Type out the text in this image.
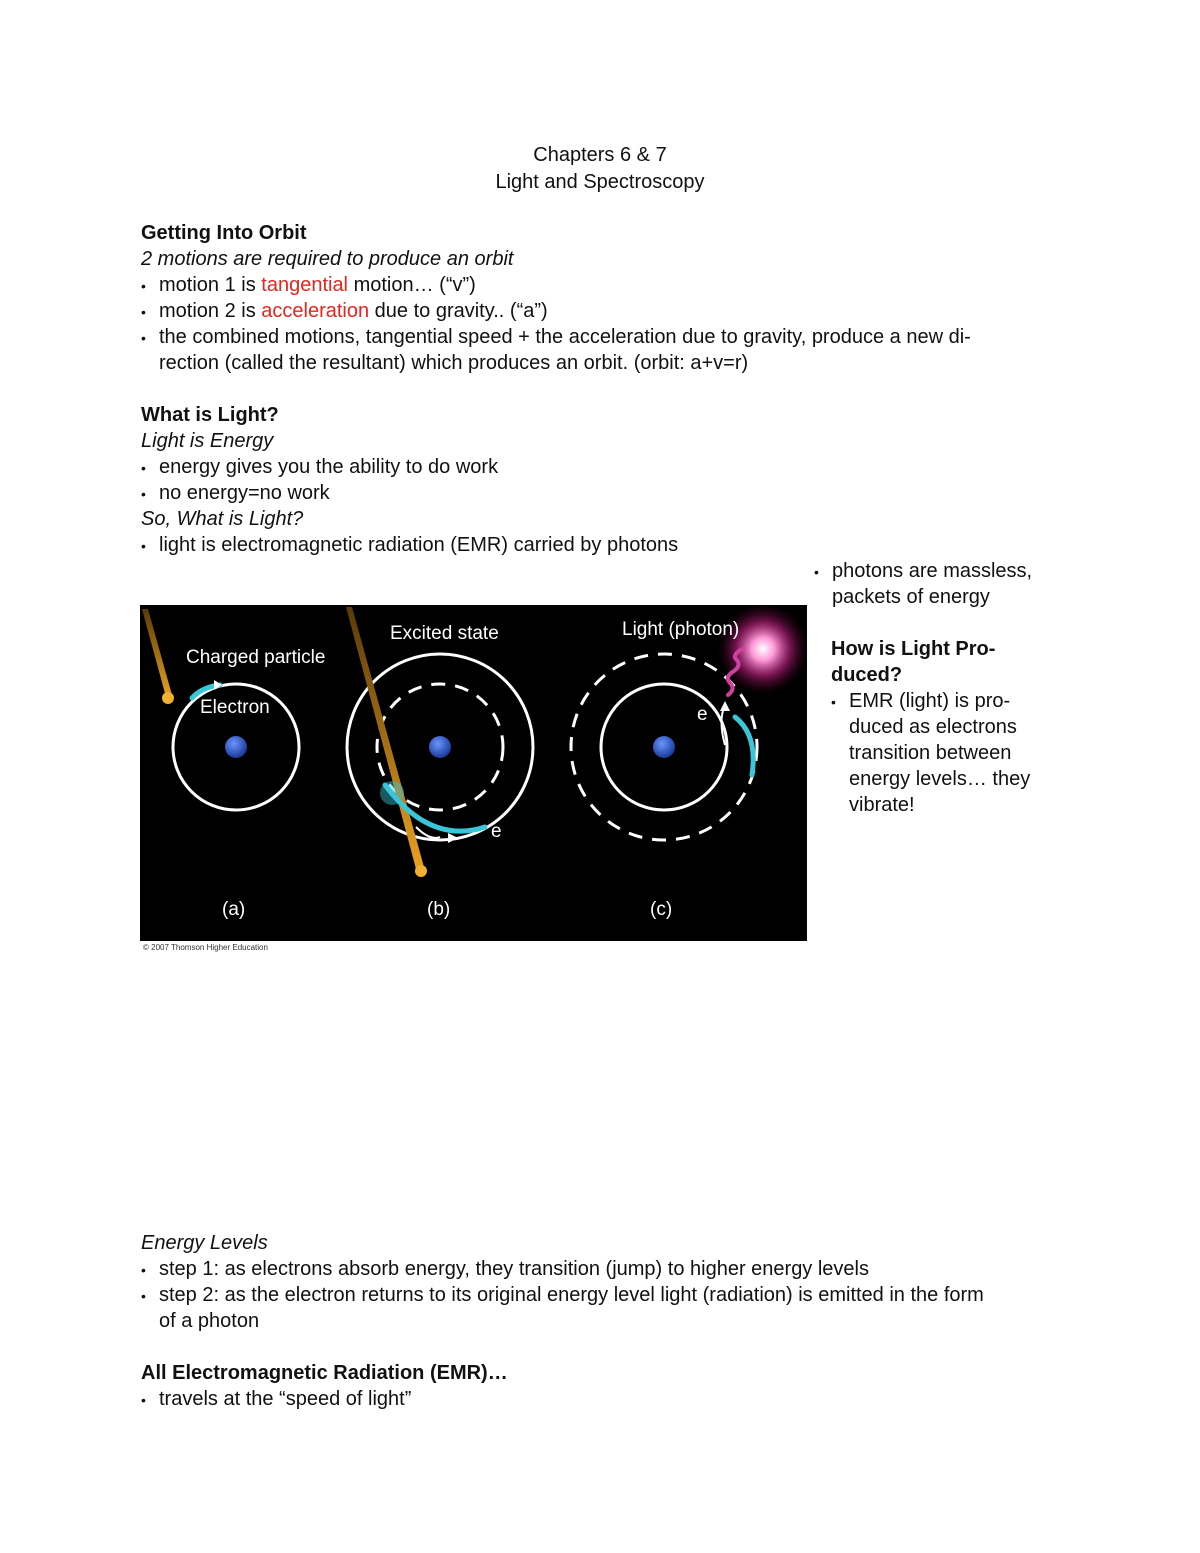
Chapters 6 & 7
Light and Spectroscopy
Getting Into Orbit
2 motions are required to produce an orbit
• motion 1 is tangential motion… (“v”)
• motion 2 is acceleration due to gravity.. (“a”)
• the combined motions, tangential speed + the acceleration due to gravity, produce a new di-
rection (called the resultant) which produces an orbit. (orbit: a+v=r)
What is Light?
Light is Energy
• energy gives you the ability to do work
• no energy=no work
So, What is Light?
• light is electromagnetic radiation (EMR) carried by photons
• photons are massless,
packets of energy
How is Light Pro-
duced?
• EMR (light) is pro-
duced as electrons
transition between
energy levels… they
vibrate!
Charged particle
Electron
(a)
Excited state
e
(b)
Light (photon)
e
(c)
© 2007 Thomson Higher Education
Energy Levels
• step 1: as electrons absorb energy, they transition (jump) to higher energy levels
• step 2: as the electron returns to its original energy level light (radiation) is emitted in the form
of a photon
All Electromagnetic Radiation (EMR)…
• travels at the “speed of light”
